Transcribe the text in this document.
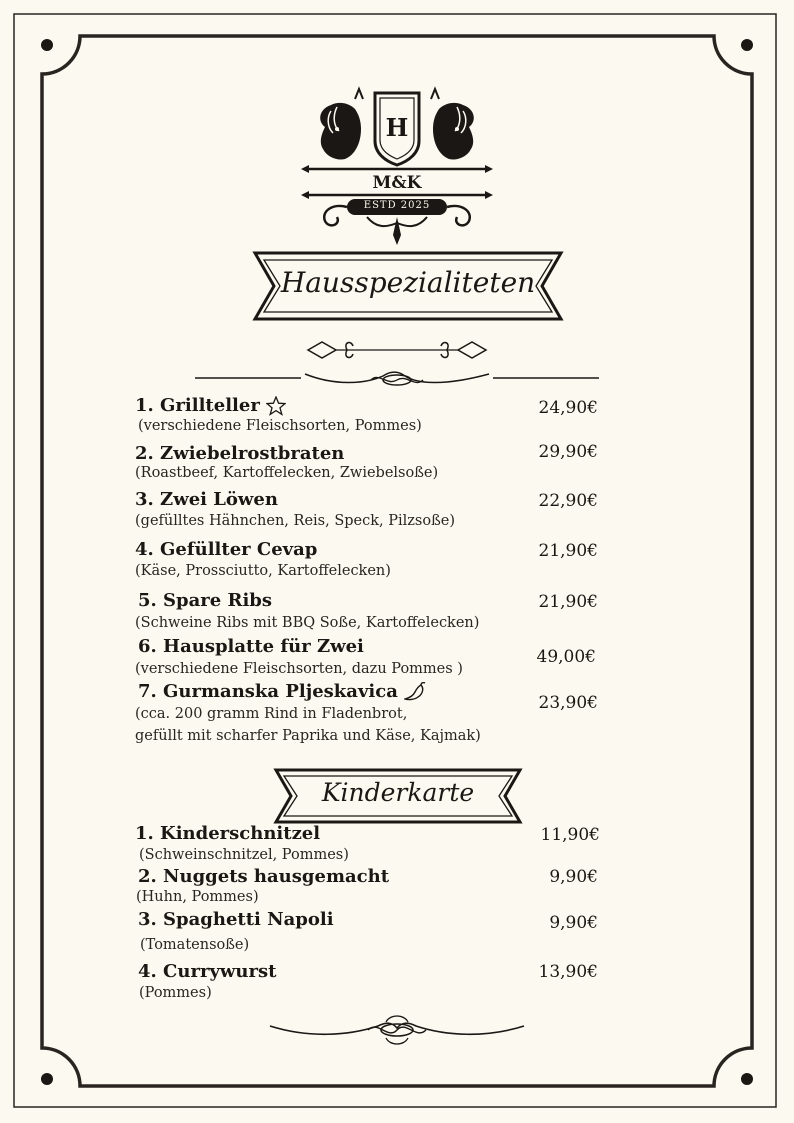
H
M&K
ESTD 2025
Hausspezialiteten
1. Grillteller
(verschiedene Fleischsorten, Pommes)
24,90€
2. Zwiebelrostbraten
(Roastbeef, Kartoffelecken, Zwiebelsoße)
29,90€
3. Zwei Löwen
(gefülltes Hähnchen, Reis, Speck, Pilzsoße)
22,90€
4. Gefüllter Cevap
(Käse, Prossciutto, Kartoffelecken)
21,90€
5. Spare Ribs
(Schweine Ribs mit BBQ Soße, Kartoffelecken)
21,90€
6. Hausplatte für Zwei
(verschiedene Fleischsorten, dazu Pommes )
49,00€
7. Gurmanska Pljeskavica
(cca. 200 gramm Rind in Fladenbrot,
gefüllt mit scharfer Paprika und Käse, Kajmak)
23,90€
Kinderkarte
1. Kinderschnitzel
(Schweinschnitzel, Pommes)
11,90€
2. Nuggets hausgemacht
(Huhn, Pommes)
9,90€
3. Spaghetti Napoli
(Tomatensoße)
9,90€
4. Currywurst
(Pommes)
13,90€
